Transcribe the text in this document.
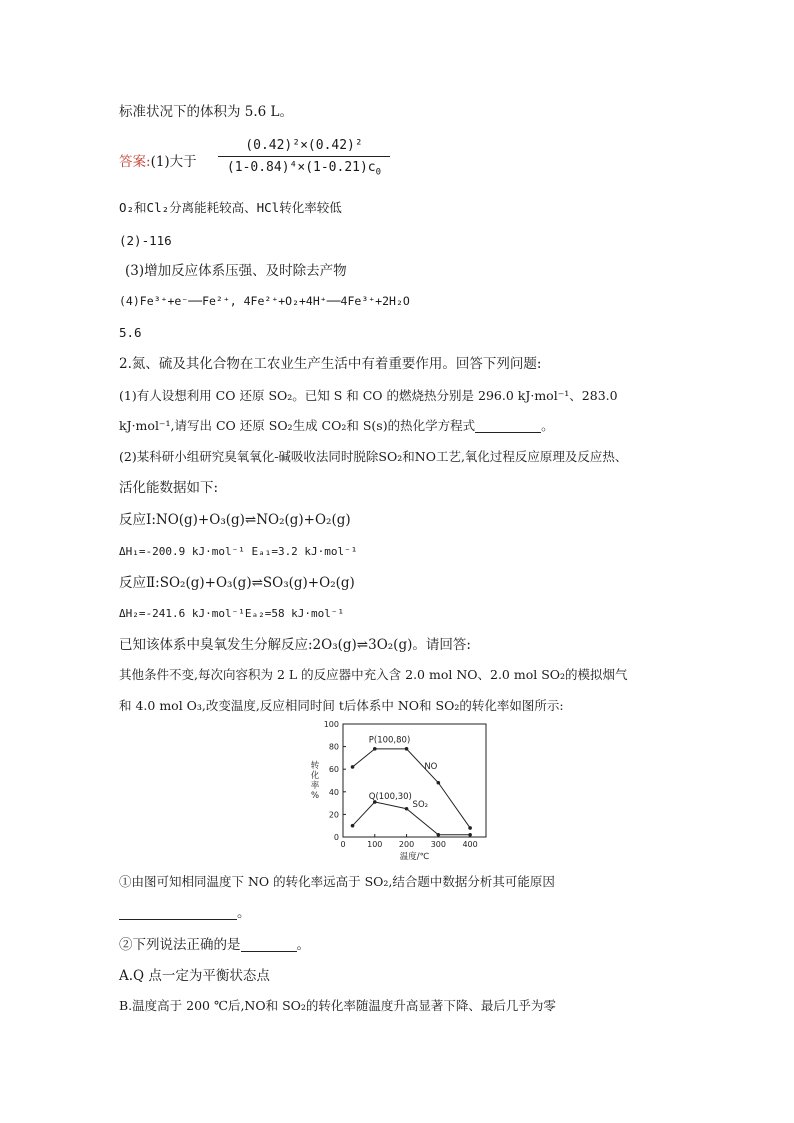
标准状况下的体积为 5.6 L。
答案:(1)大于
(0.42)²×(0.42)²
$(1-0.84)^4\times(1-0.21)c_0$
O₂和Cl₂分离能耗较高、HCl转化率较低
(2)-116
(3)增加反应体系压强、及时除去产物
(4)Fe³⁺+e⁻──Fe²⁺, 4Fe²⁺+O₂+4H⁺──4Fe³⁺+2H₂O
5.6
2.氮、硫及其化合物在工农业生产生活中有着重要作用。回答下列问题:
(1)有人设想利用 CO 还原 SO₂。已知 S 和 CO 的燃烧热分别是 296.0 kJ·mol⁻¹、283.0
kJ·mol⁻¹,请写出 CO 还原 SO₂生成 CO₂和 S(s)的热化学方程式	。
(2)某科研小组研究臭氧氧化-碱吸收法同时脱除SO₂和NO工艺,氧化过程反应原理及反应热、
活化能数据如下:
反应Ⅰ:NO(g)+O₃(g)⇌NO₂(g)+O₂(g)
ΔH₁=-200.9 kJ·mol⁻¹ Eₐ₁=3.2 kJ·mol⁻¹
反应Ⅱ:SO₂(g)+O₃(g)⇌SO₃(g)+O₂(g)
ΔH₂=-241.6 kJ·mol⁻¹Eₐ₂=58 kJ·mol⁻¹
已知该体系中臭氧发生分解反应:2O₃(g)⇌3O₂(g)。请回答:
其他条件不变,每次向容积为 2 L 的反应器中充入含 2.0 mol NO、2.0 mol SO₂的模拟烟气
和 4.0 mol O₃,改变温度,反应相同时间 t后体系中 NO和 SO₂的转化率如图所示:
0
20
40
60
80
100
0	100 200 300 400
温度/℃
转
化
率
%
NO
SO₂
P(100,80)
Q(100,30)
①由图可知相同温度下 NO 的转化率远高于 SO₂,结合题中数据分析其可能原因
。
②下列说法正确的是	。
A.Q 点一定为平衡状态点
B.温度高于 200 ℃后,NO和 SO₂的转化率随温度升高显著下降、最后几乎为零
